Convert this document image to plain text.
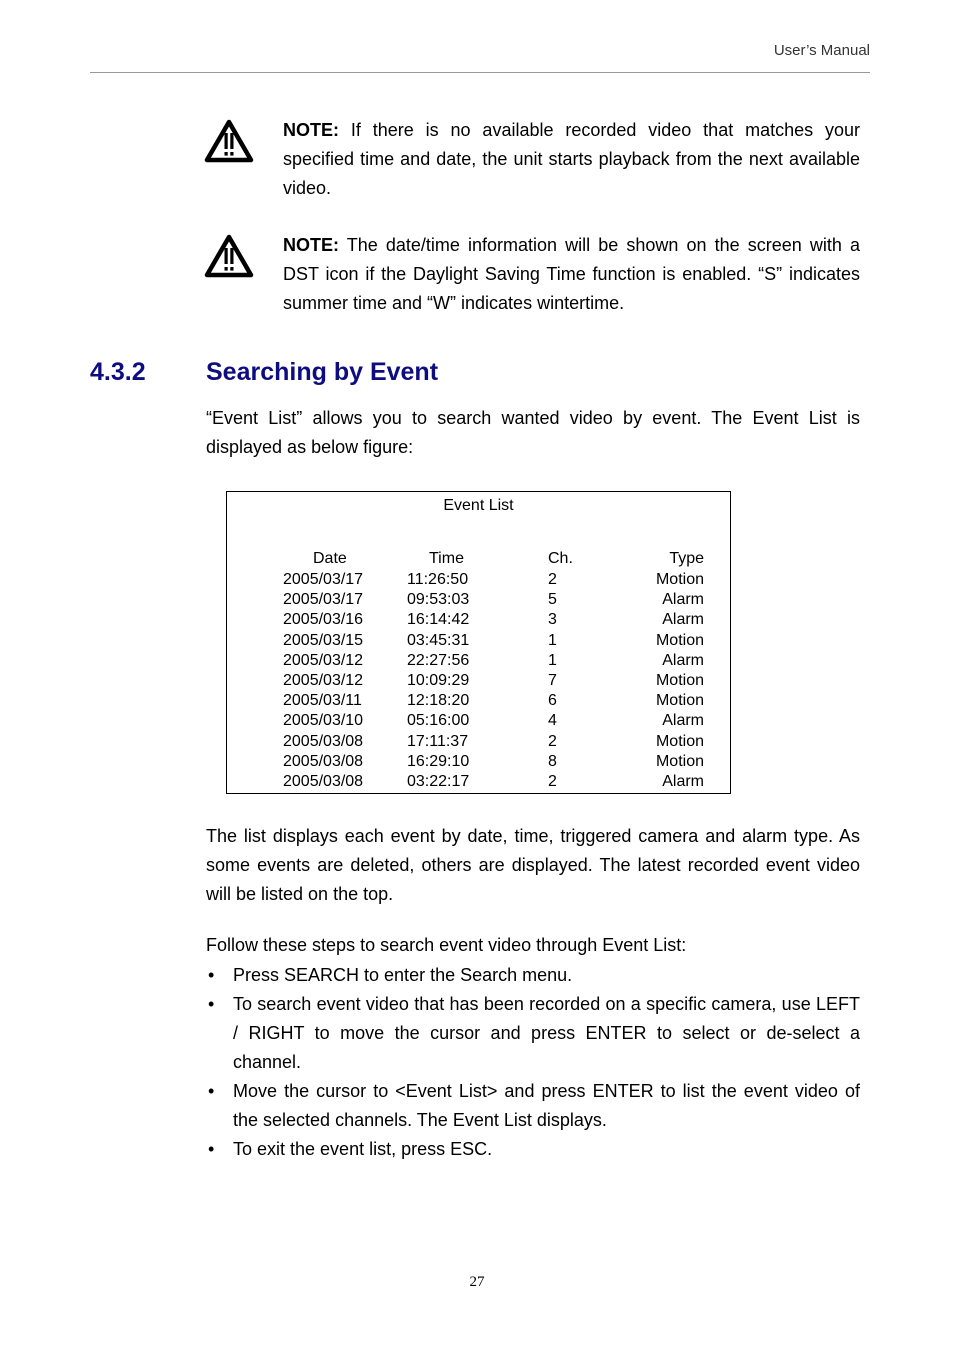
User’s Manual
NOTE: If there is no available recorded video that matches your specified time and date, the unit starts playback from the next available video.
NOTE: The date/time information will be shown on the screen with a DST icon if the Daylight Saving Time function is enabled. “S” indicates summer time and “W” indicates wintertime.
4.3.2 Searching by Event
“Event List” allows you to search wanted video by event. The Event List is displayed as below figure:
Event List
Date	Time	Ch.	Type
2005/03/17	11:26:50	2	Motion
2005/03/17	09:53:03	5	Alarm
2005/03/16	16:14:42	3	Alarm
2005/03/15	03:45:31	1	Motion
2005/03/12	22:27:56	1	Alarm
2005/03/12	10:09:29	7	Motion
2005/03/11	12:18:20	6	Motion
2005/03/10	05:16:00	4	Alarm
2005/03/08	17:11:37	2	Motion
2005/03/08	16:29:10	8	Motion
2005/03/08	03:22:17	2	Alarm
The list displays each event by date, time, triggered camera and alarm type. As some events are deleted, others are displayed. The latest recorded event video will be listed on the top.
Follow these steps to search event video through Event List:
• Press SEARCH to enter the Search menu.
• To search event video that has been recorded on a specific camera, use LEFT / RIGHT to move the cursor and press ENTER to select or de-select a channel.
• Move the cursor to <Event List> and press ENTER to list the event video of the selected channels. The Event List displays.
• To exit the event list, press ESC.
27
